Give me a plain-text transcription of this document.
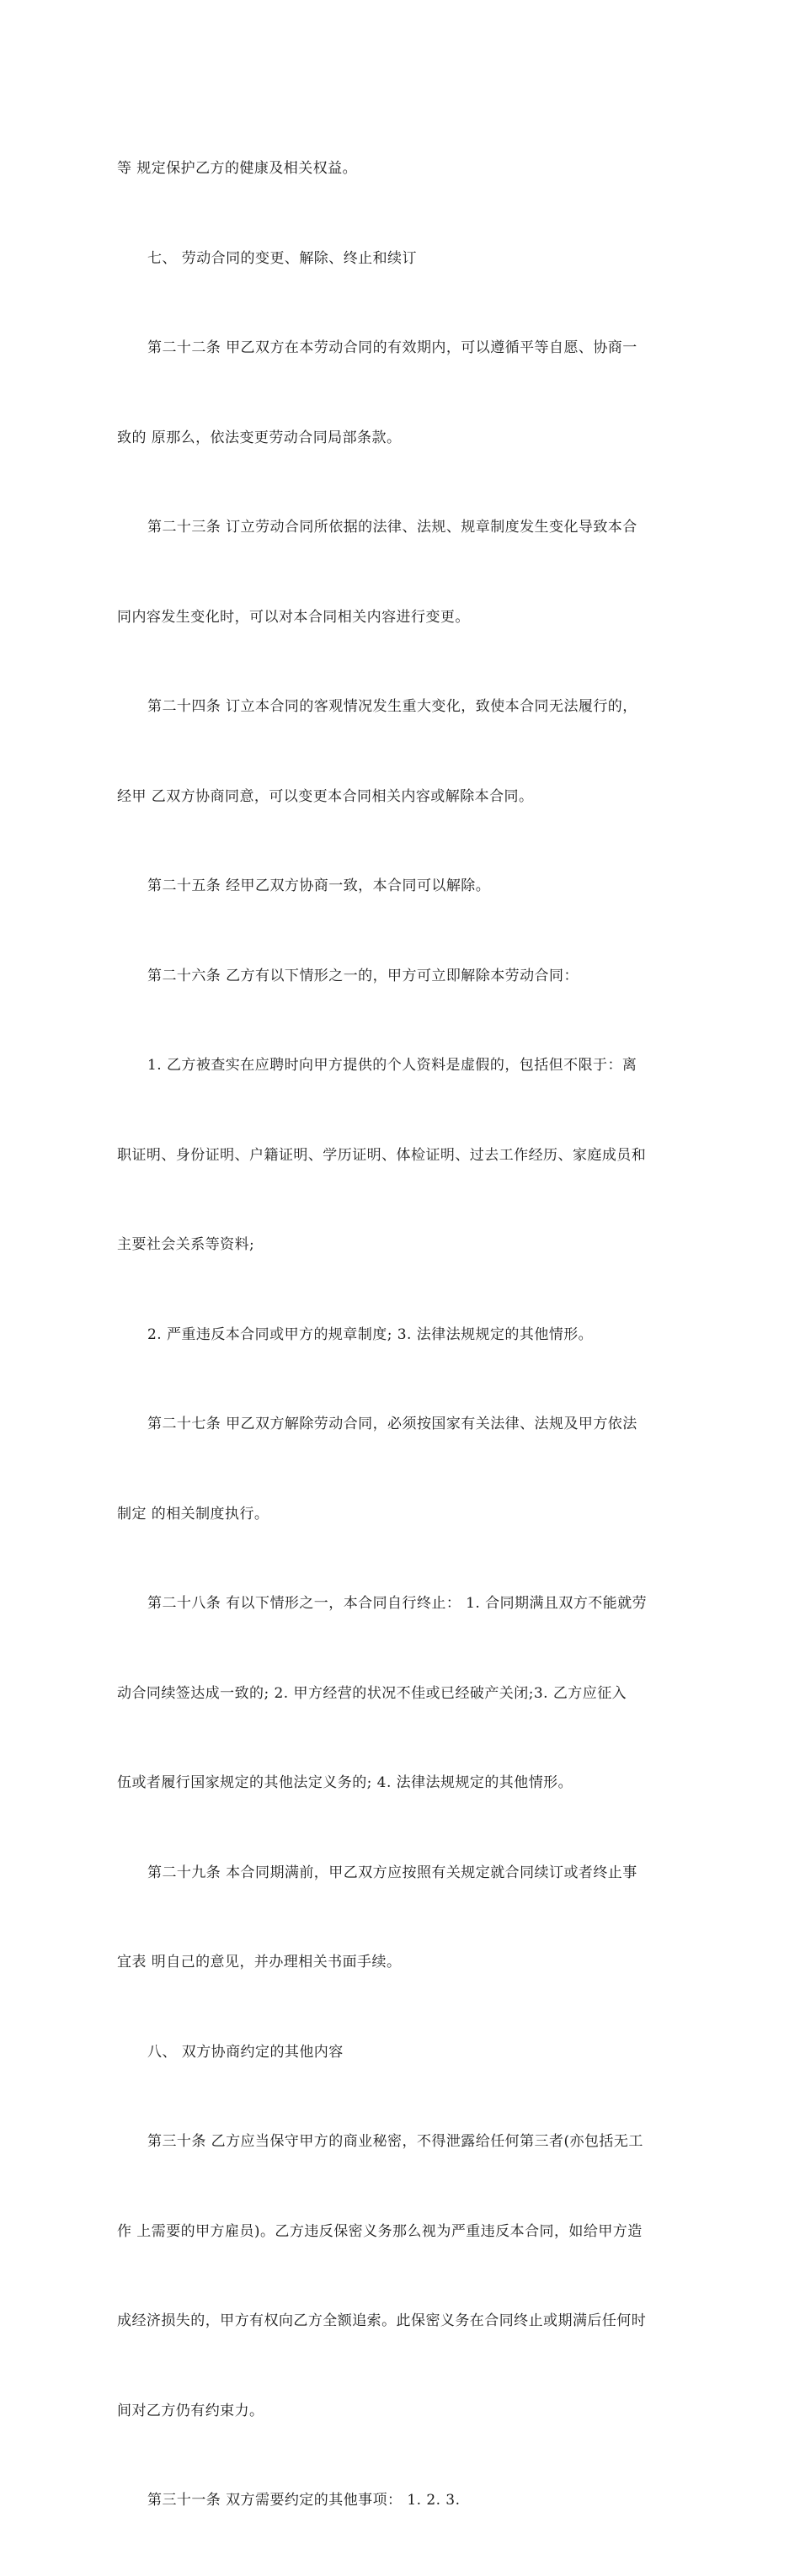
等 规定保护乙方的健康及相关权益。

七、 劳动合同的变更、解除、终止和续订

第二十二条 甲乙双方在本劳动合同的有效期内，可以遵循平等自愿、协商一

致的 原那么，依法变更劳动合同局部条款。

第二十三条 订立劳动合同所依据的法律、法规、规章制度发生变化导致本合

同内容发生变化时，可以对本合同相关内容进行变更。

第二十四条 订立本合同的客观情况发生重大变化，致使本合同无法履行的，

经甲 乙双方协商同意，可以变更本合同相关内容或解除本合同。

第二十五条 经甲乙双方协商一致，本合同可以解除。

第二十六条 乙方有以下情形之一的，甲方可立即解除本劳动合同：

1. 乙方被查实在应聘时向甲方提供的个人资料是虚假的，包括但不限于：离

职证明、身份证明、户籍证明、学历证明、体检证明、过去工作经历、家庭成员和

主要社会关系等资料;

2. 严重违反本合同或甲方的规章制度; 3. 法律法规规定的其他情形。

第二十七条 甲乙双方解除劳动合同，必须按国家有关法律、法规及甲方依法

制定 的相关制度执行。

第二十八条 有以下情形之一，本合同自行终止： 1. 合同期满且双方不能就劳

动合同续签达成一致的; 2. 甲方经营的状况不佳或已经破产关闭;3. 乙方应征入

伍或者履行国家规定的其他法定义务的; 4. 法律法规规定的其他情形。

第二十九条 本合同期满前，甲乙双方应按照有关规定就合同续订或者终止事

宜表 明自己的意见，并办理相关书面手续。

八、 双方协商约定的其他内容

第三十条 乙方应当保守甲方的商业秘密，不得泄露给任何第三者(亦包括无工

作 上需要的甲方雇员)。乙方违反保密义务那么视为严重违反本合同，如给甲方造

成经济损失的，甲方有权向乙方全额追索。此保密义务在合同终止或期满后任何时

间对乙方仍有约束力。

第三十一条 双方需要约定的其他事项： 1. 2. 3.
